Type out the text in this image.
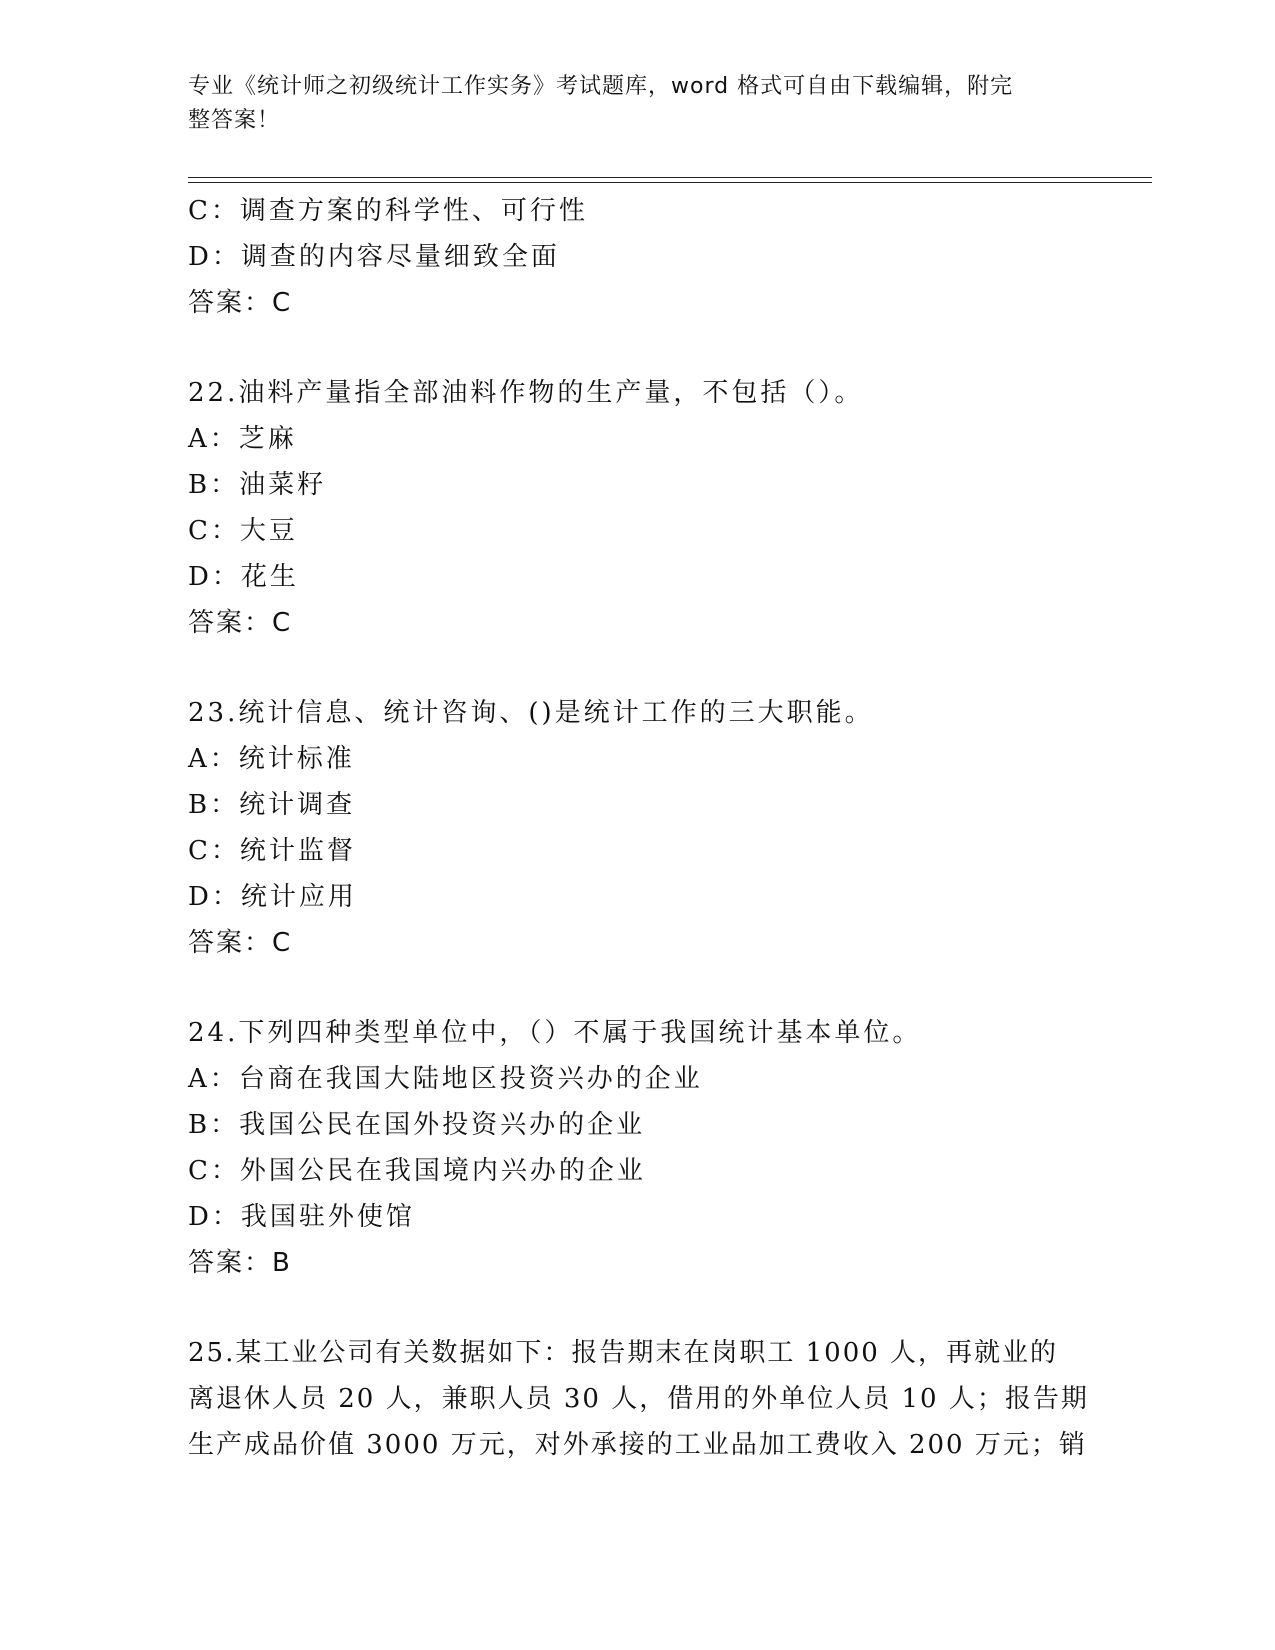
专业《统计师之初级统计工作实务》考试题库，word 格式可自由下载编辑，附完
整答案！
C：调查方案的科学性、可行性
D：调查的内容尽量细致全面
答案：C
22.油料产量指全部油料作物的生产量，不包括（）。
A：芝麻
B：油菜籽
C：大豆
D：花生
答案：C
23.统计信息、统计咨询、()是统计工作的三大职能。
A：统计标准
B：统计调查
C：统计监督
D：统计应用
答案：C
24.下列四种类型单位中，（）不属于我国统计基本单位。
A：台商在我国大陆地区投资兴办的企业
B：我国公民在国外投资兴办的企业
C：外国公民在我国境内兴办的企业
D：我国驻外使馆
答案：B
25.某工业公司有关数据如下：报告期末在岗职工 1000 人，再就业的
离退休人员 20 人，兼职人员 30 人，借用的外单位人员 10 人；报告期
生产成品价值 3000 万元，对外承接的工业品加工费收入 200 万元；销
